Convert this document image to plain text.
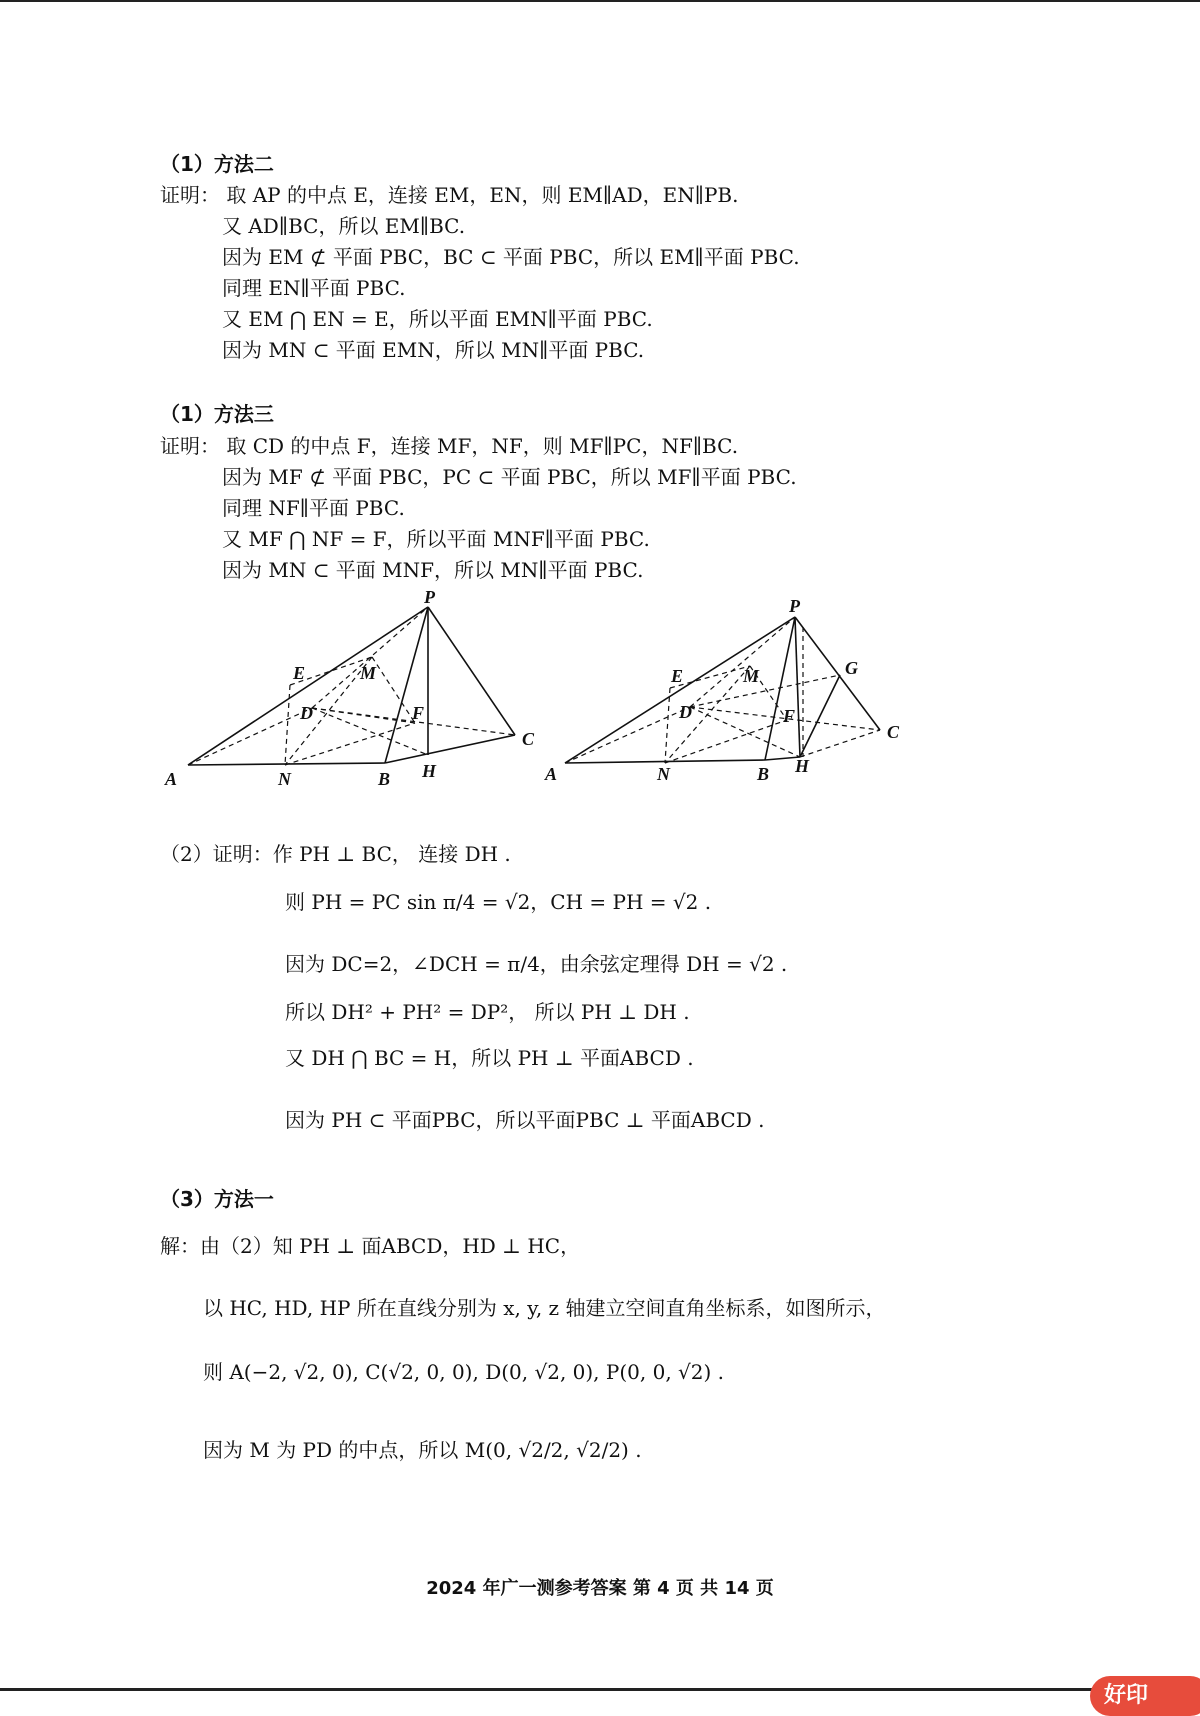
（1）方法二
证明： 取 AP 的中点 E，连接 EM，EN，则 EM∥AD，EN∥PB.
又 AD∥BC，所以 EM∥BC.
因为 EM ⊄ 平面 PBC，BC ⊂ 平面 PBC，所以 EM∥平面 PBC.
同理 EN∥平面 PBC.
又 EM ⋂ EN = E，所以平面 EMN∥平面 PBC.
因为 MN ⊂ 平面 EMN，所以 MN∥平面 PBC.
（1）方法三
证明： 取 CD 的中点 F，连接 MF，NF，则 MF∥PC，NF∥BC.
因为 MF ⊄ 平面 PBC，PC ⊂ 平面 PBC，所以 MF∥平面 PBC.
同理 NF∥平面 PBC.
又 MF ⋂ NF = F，所以平面 MNF∥平面 PBC.
因为 MN ⊂ 平面 MNF，所以 MN∥平面 PBC.
P
E	M
D	F
C
A	N	B H
P
G
E	M
D	F
C
A	N	B H
（2）证明：作 PH ⊥ BC， 连接 DH .
则 PH = PC sin π/4 = √2，CH = PH = √2 .
因为 DC=2，∠DCH = π/4，由余弦定理得 DH = √2 .
所以 DH² + PH² = DP²， 所以 PH ⊥ DH .
又 DH ⋂ BC = H，所以 PH ⊥ 平面ABCD .
因为 PH ⊂ 平面PBC，所以平面PBC ⊥ 平面ABCD .
（3）方法一
解：由（2）知 PH ⊥ 面ABCD，HD ⊥ HC，
以 HC, HD, HP 所在直线分别为 x, y, z 轴建立空间直角坐标系，如图所示，
则 A(−2, √2, 0), C(√2, 0, 0), D(0, √2, 0), P(0, 0, √2) .
因为 M 为 PD 的中点，所以 M(0, √2/2, √2/2) .
2024 年广一测参考答案 第 4 页 共 14 页
好印
